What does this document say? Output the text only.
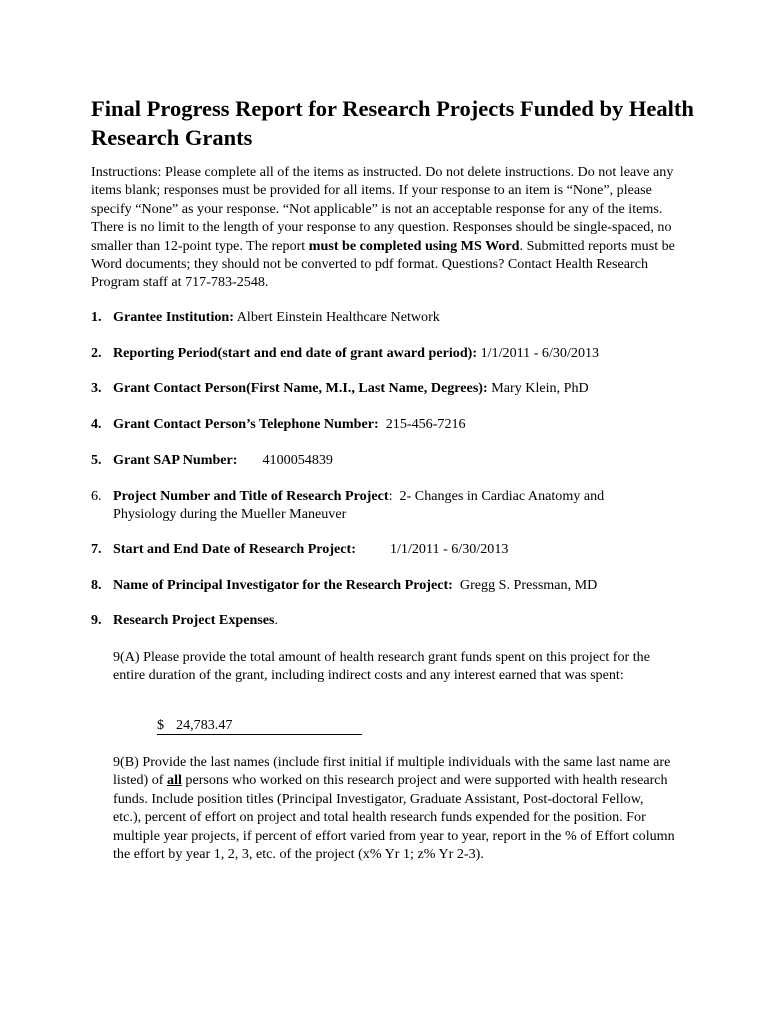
Final Progress Report for Research Projects Funded by Health Research Grants
Instructions: Please complete all of the items as instructed. Do not delete instructions. Do not leave any items blank; responses must be provided for all items. If your response to an item is “None”, please specify “None” as your response. “Not applicable” is not an acceptable response for any of the items. There is no limit to the length of your response to any question. Responses should be single-spaced, no smaller than 12-point type. The report must be completed using MS Word. Submitted reports must be Word documents; they should not be converted to pdf format. Questions? Contact Health Research Program staff at 717-783-2548.
1. Grantee Institution: Albert Einstein Healthcare Network
2. Reporting Period(start and end date of grant award period): 1/1/2011 - 6/30/2013
3. Grant Contact Person(First Name, M.I., Last Name, Degrees): Mary Klein, PhD
4. Grant Contact Person’s Telephone Number: 215-456-7216
5. Grant SAP Number: 4100054839
6. Project Number and Title of Research Project: 2- Changes in Cardiac Anatomy and
Physiology during the Mueller Maneuver
7. Start and End Date of Research Project: 1/1/2011 - 6/30/2013
8. Name of Principal Investigator for the Research Project: Gregg S. Pressman, MD
9. Research Project Expenses.
9(A) Please provide the total amount of health research grant funds spent on this project for the entire duration of the grant, including indirect costs and any interest earned that was spent:
$ 24,783.47
9(B) Provide the last names (include first initial if multiple individuals with the same last name are listed) of all persons who worked on this research project and were supported with health research funds. Include position titles (Principal Investigator, Graduate Assistant, Post-doctoral Fellow, etc.), percent of effort on project and total health research funds expended for the position. For multiple year projects, if percent of effort varied from year to year, report in the % of Effort column the effort by year 1, 2, 3, etc. of the project (x% Yr 1; z% Yr 2-3).
